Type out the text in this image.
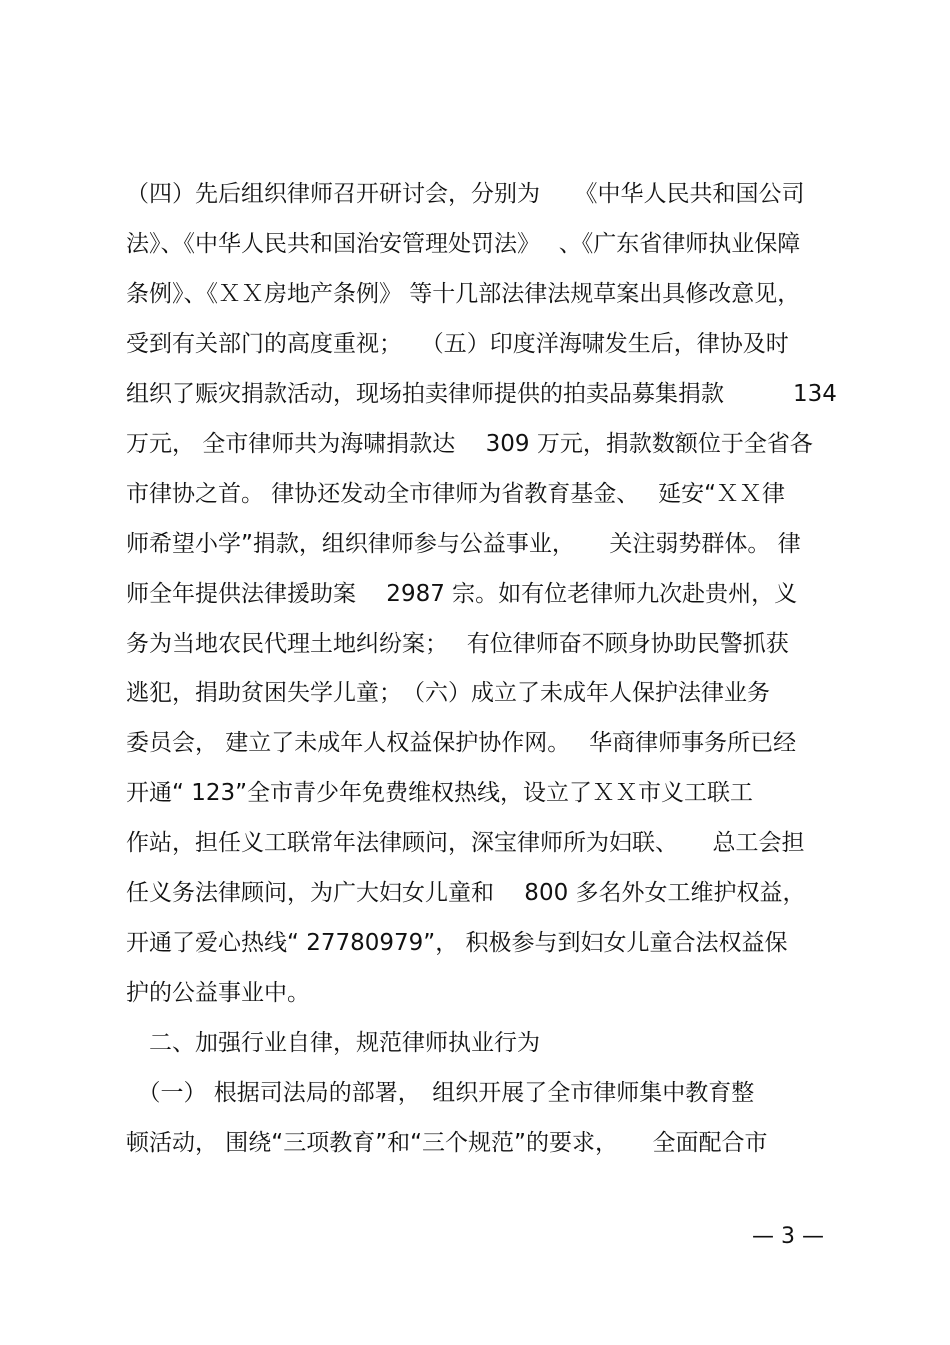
（四）先后组织律师召开研讨会，分别为　　《中华人民共和国公司
法》、《中华人民共和国治安管理处罚法》　 、《广东省律师执业保障
条例》、《ＸＸ房地产条例》 等十几部法律法规草案出具修改意见，
受到有关部门的高度重视；　 （五）印度洋海啸发生后，律协及时
组织了赈灾捐款活动，现场拍卖律师提供的拍卖品募集捐款　　　134
万元， 全市律师共为海啸捐款达　 309 万元，捐款数额位于全省各
市律协之首。 律协还发动全市律师为省教育基金、　 延安“ＸＸ律
师希望小学”捐款，组织律师参与公益事业，　　关注弱势群体。 律
师全年提供法律援助案　 2987 宗。如有位老律师九次赴贵州，义
务为当地农民代理土地纠纷案；　 有位律师奋不顾身协助民警抓获
逃犯，捐助贫困失学儿童；　（六）成立了未成年人保护法律业务
委员会， 建立了未成年人权益保护协作网。　 华商律师事务所已经
开通“ 123”全市青少年免费维权热线，设立了ＸＸ市义工联工
作站，担任义工联常年法律顾问，深宝律师所为妇联、　　总工会担
任义务法律顾问，为广大妇女儿童和　 800 多名外女工维护权益，
开通了爱心热线“ 27780979”， 积极参与到妇女儿童合法权益保
护的公益事业中。
　二、加强行业自律，规范律师执业行为
　（一） 根据司法局的部署，　组织开展了全市律师集中教育整
顿活动， 围绕“三项教育”和“三个规范”的要求，　　全面配合市
— 3 —
